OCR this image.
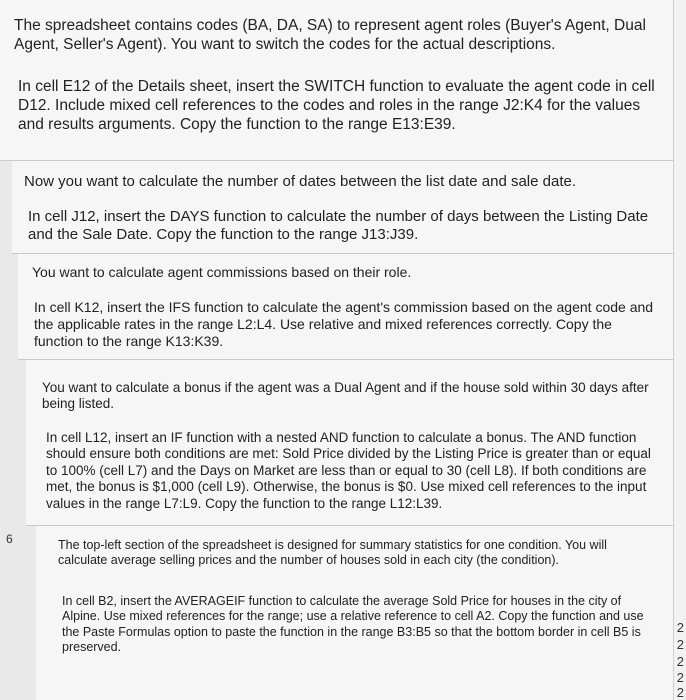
The spreadsheet contains codes (BA, DA, SA) to represent agent roles (Buyer's Agent, Dual Agent, Seller's Agent). You want to switch the codes for the actual descriptions.

In cell E12 of the Details sheet, insert the SWITCH function to evaluate the agent code in cell D12. Include mixed cell references to the codes and roles in the range J2:K4 for the values and results arguments. Copy the function to the range E13:E39.

Now you want to calculate the number of dates between the list date and sale date.

In cell J12, insert the DAYS function to calculate the number of days between the Listing Date and the Sale Date. Copy the function to the range J13:J39.

You want to calculate agent commissions based on their role.

In cell K12, insert the IFS function to calculate the agent's commission based on the agent code and the applicable rates in the range L2:L4. Use relative and mixed references correctly. Copy the function to the range K13:K39.

You want to calculate a bonus if the agent was a Dual Agent and if the house sold within 30 days after being listed.

In cell L12, insert an IF function with a nested AND function to calculate a bonus. The AND function should ensure both conditions are met: Sold Price divided by the Listing Price is greater than or equal to 100% (cell L7) and the Days on Market are less than or equal to 30 (cell L8). If both conditions are met, the bonus is $1,000 (cell L9). Otherwise, the bonus is $0. Use mixed cell references to the input values in the range L7:L9. Copy the function to the range L12:L39.

6	The top-left section of the spreadsheet is designed for summary statistics for one condition. You will calculate average selling prices and the number of houses sold in each city (the condition).

In cell B2, insert the AVERAGEIF function to calculate the average Sold Price for houses in the city of Alpine. Use mixed references for the range; use a relative reference to cell A2. Copy the function and use the Paste Formulas option to paste the function in the range B3:B5 so that the bottom border in cell B5 is preserved.

2
2
2
2
2
